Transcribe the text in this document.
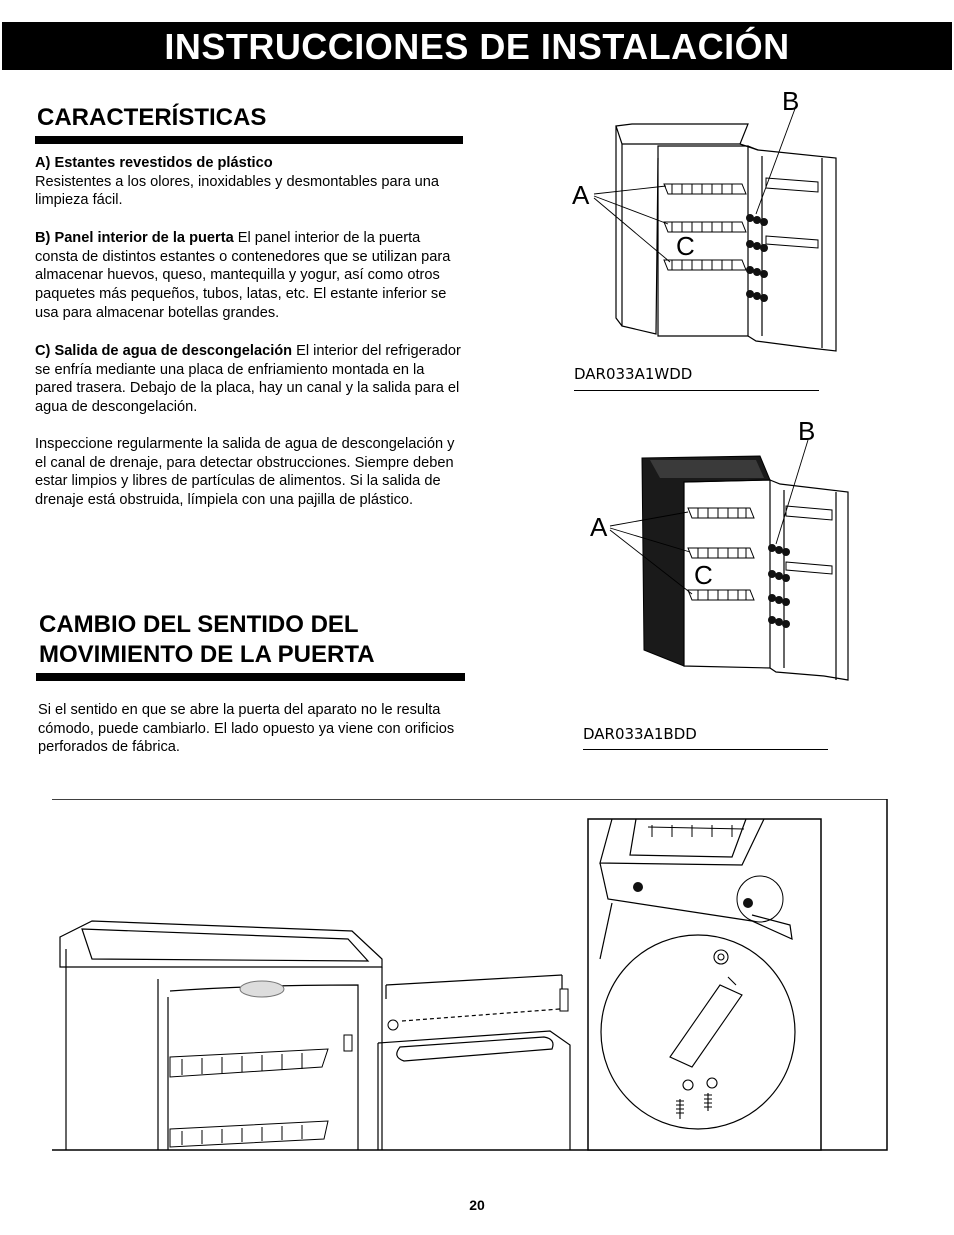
INSTRUCCIONES DE INSTALACIÓN
CARACTERÍSTICAS
A) Estantes revestidos de plástico
Resistentes a los olores, inoxidables y desmontables para una limpieza fácil.
B) Panel interior de la puerta El panel interior de la puerta consta de distintos estantes o contenedores que se utilizan para almacenar huevos, queso, mantequilla y yogur, así como otros paquetes más pequeños, tubos, latas, etc. El estante inferior se usa para almacenar botellas grandes.
C) Salida de agua de descongelación El interior del refrigerador se enfría mediante una placa de enfriamiento montada en la pared trasera. Debajo de la placa, hay un canal y la salida para el agua de descongelación.
Inspeccione regularmente la salida de agua de descongelación y el canal de drenaje, para detectar obstrucciones. Siempre deben estar limpios y libres de partículas de alimentos. Si la salida de drenaje está obstruida, límpiela con una pajilla de plástico.
CAMBIO DEL SENTIDO DEL
MOVIMIENTO DE LA PUERTA
Si el sentido en que se abre la puerta del aparato no le resulta cómodo, puede cambiarlo. El lado opuesto ya viene con orificios perforados de fábrica.
A
B
C
DAR033A1WDD
A
B
C
DAR033A1BDD
20
